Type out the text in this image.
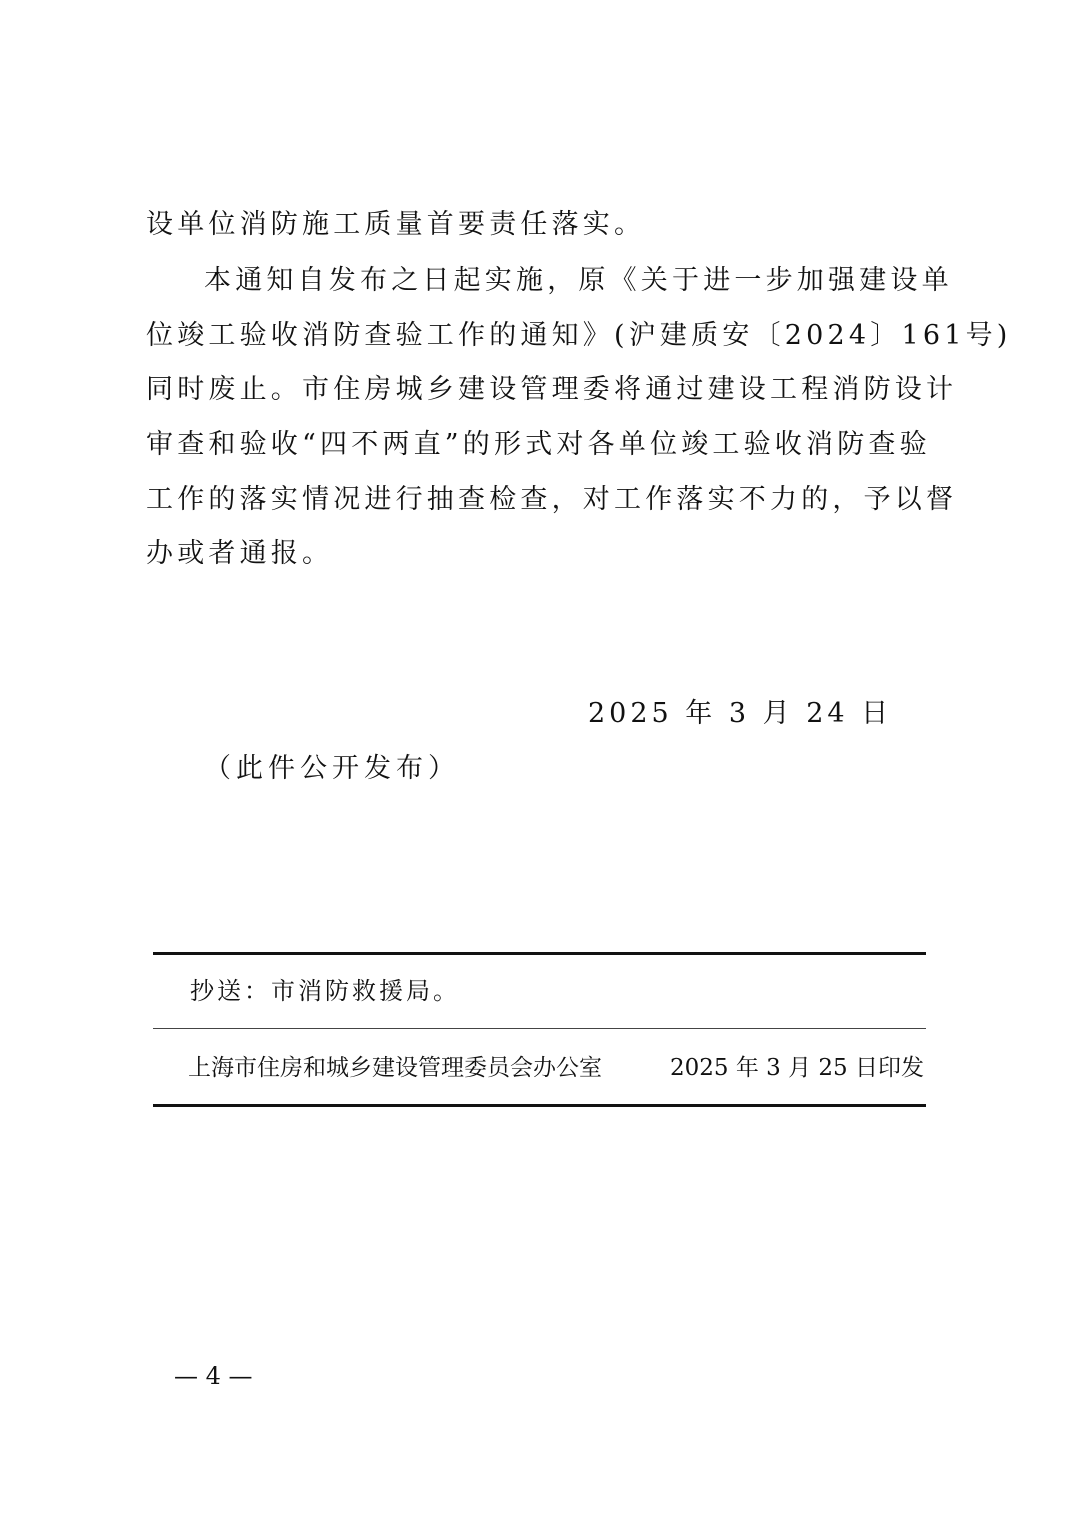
设单位消防施工质量首要责任落实。
本通知自发布之日起实施，原《关于进一步加强建设单
位竣工验收消防查验工作的通知》(沪建质安〔2024〕161号)
同时废止。市住房城乡建设管理委将通过建设工程消防设计
审查和验收“四不两直”的形式对各单位竣工验收消防查验
工作的落实情况进行抽查检查，对工作落实不力的，予以督
办或者通报。
2025 年 3 月 24 日
（此件公开发布）
抄送：市消防救援局。
上海市住房和城乡建设管理委员会办公室	2025 年 3 月 25 日印发
— 4 —
